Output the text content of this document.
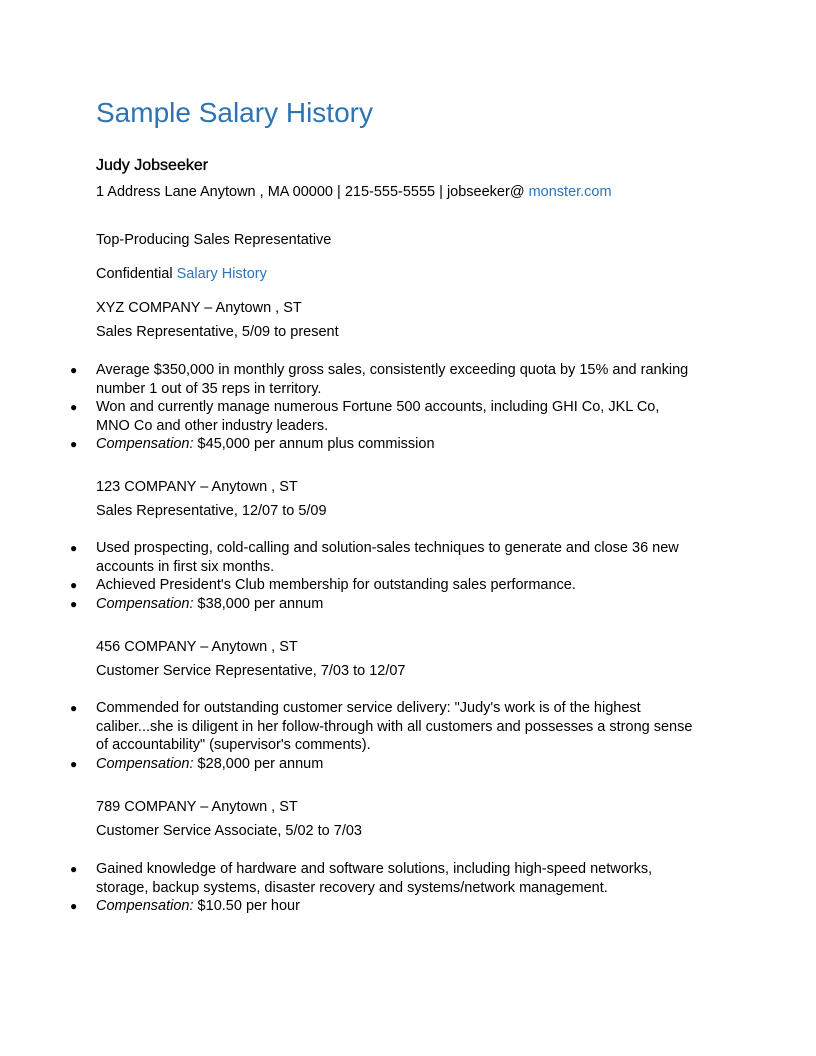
Sample Salary History
Judy Jobseeker
1 Address Lane Anytown , MA 00000 | 215-555-5555 | jobseeker@ monster.com
Top-Producing Sales Representative
Confidential Salary History
XYZ COMPANY – Anytown , ST
Sales Representative, 5/09 to present
● Average $350,000 in monthly gross sales, consistently exceeding quota by 15% and ranking number 1 out of 35 reps in territory.
● Won and currently manage numerous Fortune 500 accounts, including GHI Co, JKL Co, MNO Co and other industry leaders.
● Compensation: $45,000 per annum plus commission
123 COMPANY – Anytown , ST
Sales Representative, 12/07 to 5/09
● Used prospecting, cold-calling and solution-sales techniques to generate and close 36 new accounts in first six months.
● Achieved President's Club membership for outstanding sales performance.
● Compensation: $38,000 per annum
456 COMPANY – Anytown , ST
Customer Service Representative, 7/03 to 12/07
● Commended for outstanding customer service delivery: "Judy's work is of the highest caliber...she is diligent in her follow-through with all customers and possesses a strong sense of accountability" (supervisor's comments).
● Compensation: $28,000 per annum
789 COMPANY – Anytown , ST
Customer Service Associate, 5/02 to 7/03
● Gained knowledge of hardware and software solutions, including high-speed networks, storage, backup systems, disaster recovery and systems/network management.
● Compensation: $10.50 per hour
